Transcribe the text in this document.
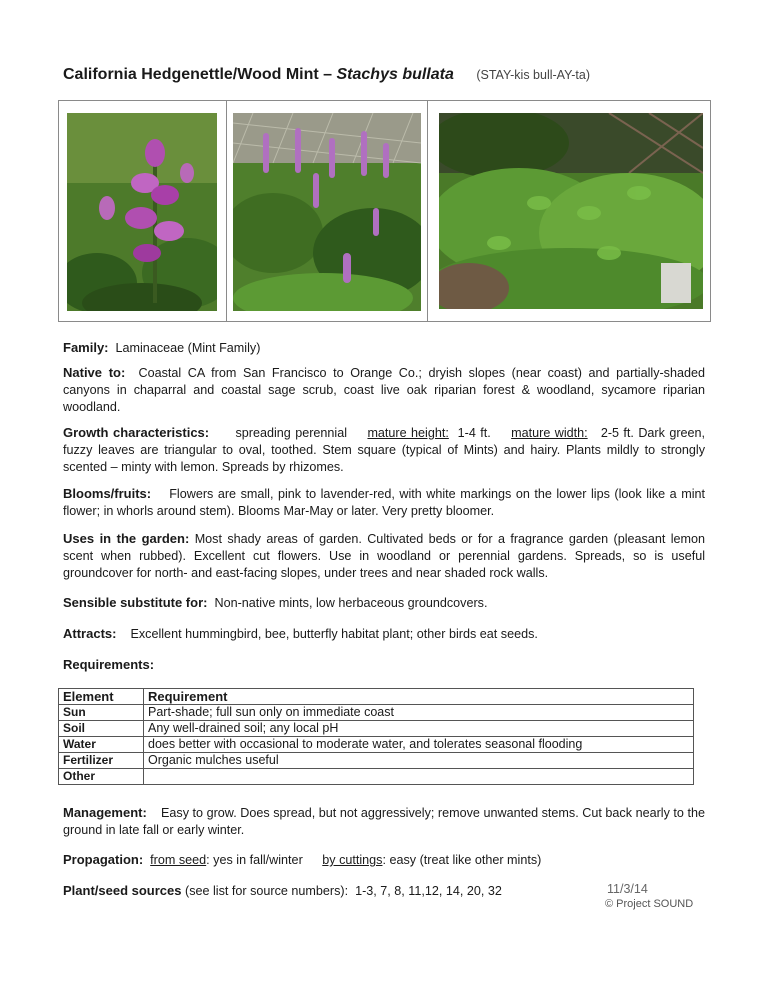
California Hedgenettle/Wood Mint – Stachys bullata (STAY-kis bull-AY-ta)
Family: Laminaceae (Mint Family)
Native to: Coastal CA from San Francisco to Orange Co.; dryish slopes (near coast) and partially-shaded canyons in chaparral and coastal sage scrub, coast live oak riparian forest & woodland, sycamore riparian woodland.
Growth characteristics: spreading perennial mature height: 1-4 ft. mature width: 2-5 ft. Dark green, fuzzy leaves are triangular to oval, toothed. Stem square (typical of Mints) and hairy. Plants mildly to strongly scented – minty with lemon. Spreads by rhizomes.
Blooms/fruits: Flowers are small, pink to lavender-red, with white markings on the lower lips (look like a mint flower; in whorls around stem). Blooms Mar-May or later. Very pretty bloomer.
Uses in the garden: Most shady areas of garden. Cultivated beds or for a fragrance garden (pleasant lemon scent when rubbed). Excellent cut flowers. Use in woodland or perennial gardens. Spreads, so is useful groundcover for north- and east-facing slopes, under trees and near shaded rock walls.
Sensible substitute for: Non-native mints, low herbaceous groundcovers.
Attracts: Excellent hummingbird, bee, butterfly habitat plant; other birds eat seeds.
Requirements:
Element	Requirement
Sun	Part-shade; full sun only on immediate coast
Soil	Any well-drained soil; any local pH
Water	does better with occasional to moderate water, and tolerates seasonal flooding
Fertilizer	Organic mulches useful
Other	
Management: Easy to grow. Does spread, but not aggressively; remove unwanted stems. Cut back nearly to the ground in late fall or early winter.
Propagation: from seed: yes in fall/winter by cuttings: easy (treat like other mints)
Plant/seed sources (see list for source numbers): 1-3, 7, 8, 11,12, 14, 20, 32	11/3/14
© Project SOUND
